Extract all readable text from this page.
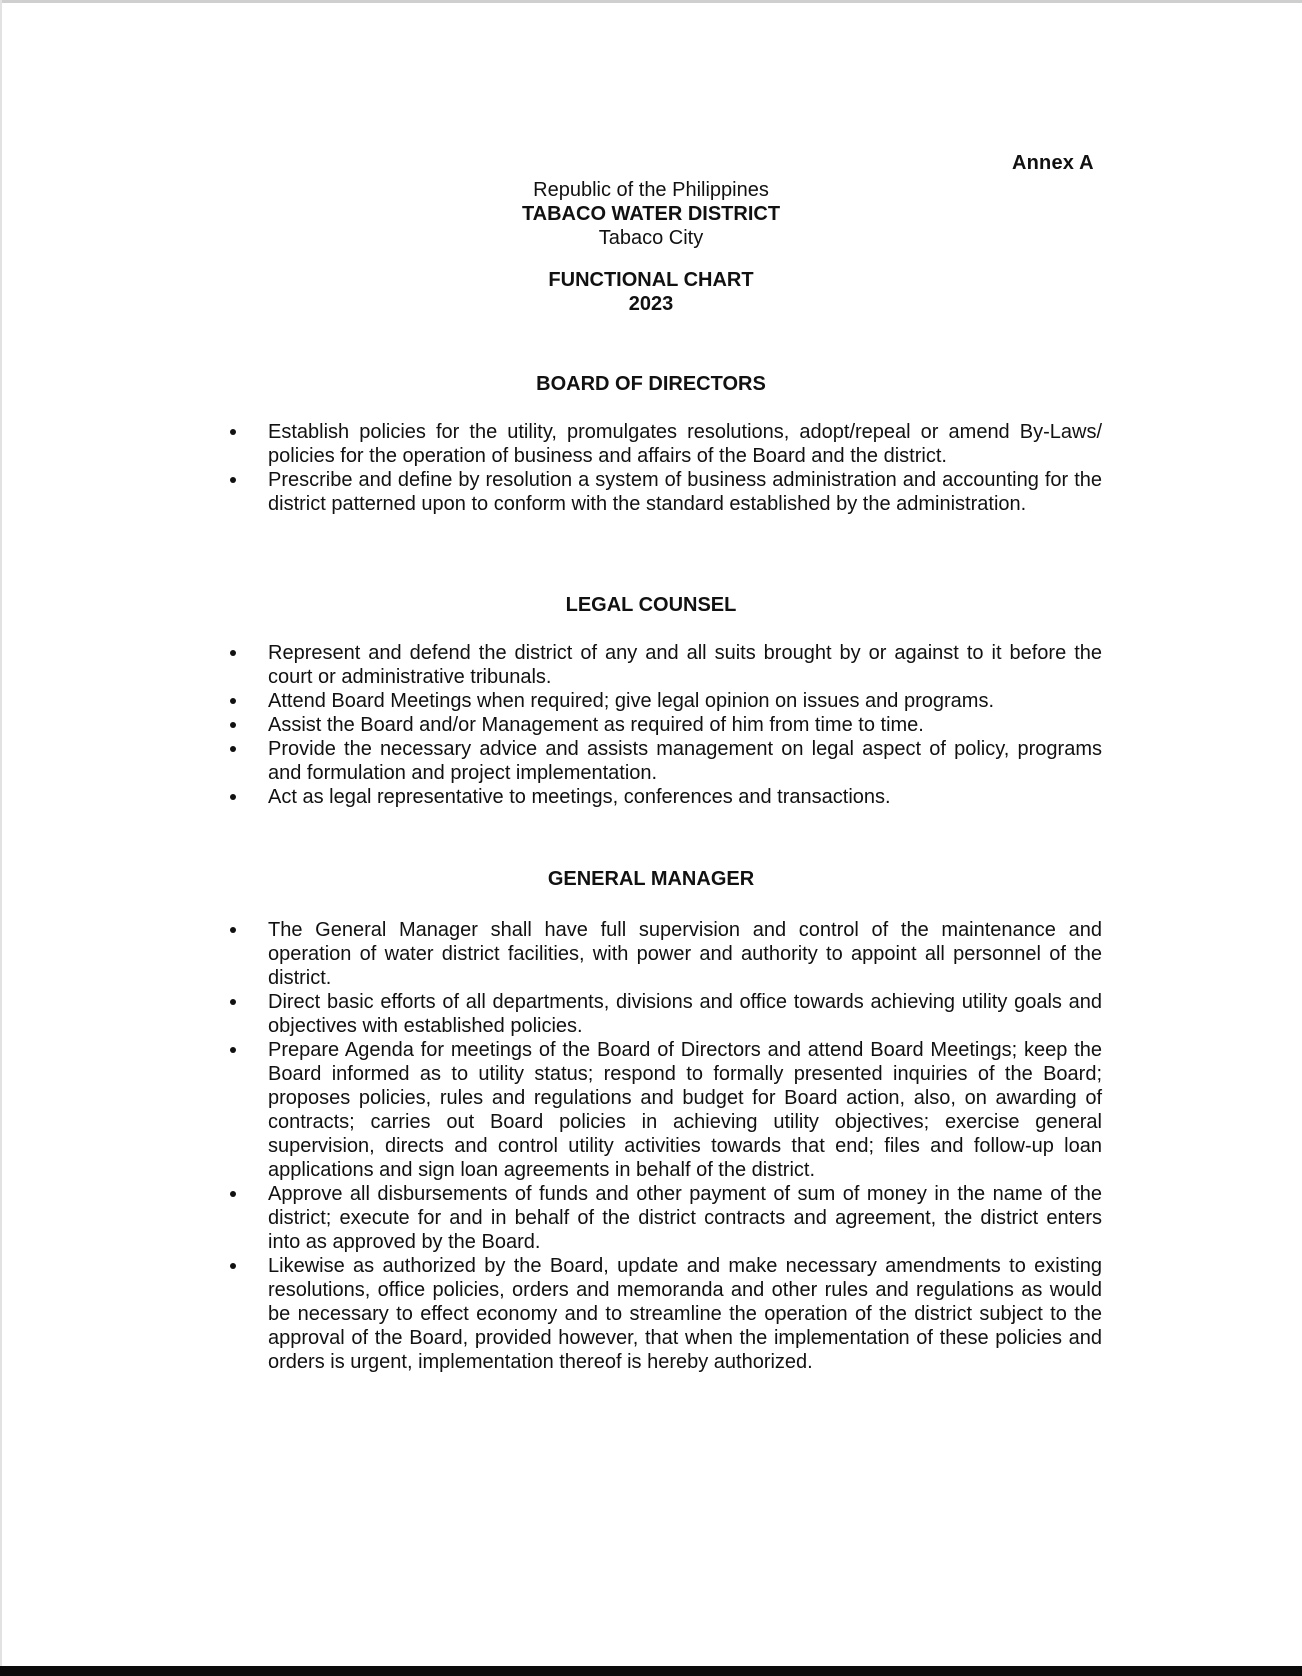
Annex A
Republic of the Philippines
TABACO WATER DISTRICT
Tabaco City
FUNCTIONAL CHART
2023
BOARD OF DIRECTORS
Establish policies for the utility, promulgates resolutions, adopt/repeal or amend By-Laws/ policies for the operation of business and affairs of the Board and the district.
Prescribe and define by resolution a system of business administration and accounting for the district patterned upon to conform with the standard established by the administration.
LEGAL COUNSEL
Represent and defend the district of any and all suits brought by or against to it before the court or administrative tribunals.
Attend Board Meetings when required; give legal opinion on issues and programs.
Assist the Board and/or Management as required of him from time to time.
Provide the necessary advice and assists management on legal aspect of policy, programs and formulation and project implementation.
Act as legal representative to meetings, conferences and transactions.
GENERAL MANAGER
The General Manager shall have full supervision and control of the maintenance and operation of water district facilities, with power and authority to appoint all personnel of the district.
Direct basic efforts of all departments, divisions and office towards achieving utility goals and objectives with established policies.
Prepare Agenda for meetings of the Board of Directors and attend Board Meetings; keep the Board informed as to utility status; respond to formally presented inquiries of the Board; proposes policies, rules and regulations and budget for Board action, also, on awarding of contracts; carries out Board policies in achieving utility objectives; exercise general supervision, directs and control utility activities towards that end; files and follow-up loan applications and sign loan agreements in behalf of the district.
Approve all disbursements of funds and other payment of sum of money in the name of the district; execute for and in behalf of the district contracts and agreement, the district enters into as approved by the Board.
Likewise as authorized by the Board, update and make necessary amendments to existing resolutions, office policies, orders and memoranda and other rules and regulations as would be necessary to effect economy and to streamline the operation of the district subject to the approval of the Board, provided however, that when the implementation of these policies and orders is urgent, implementation thereof is hereby authorized.
